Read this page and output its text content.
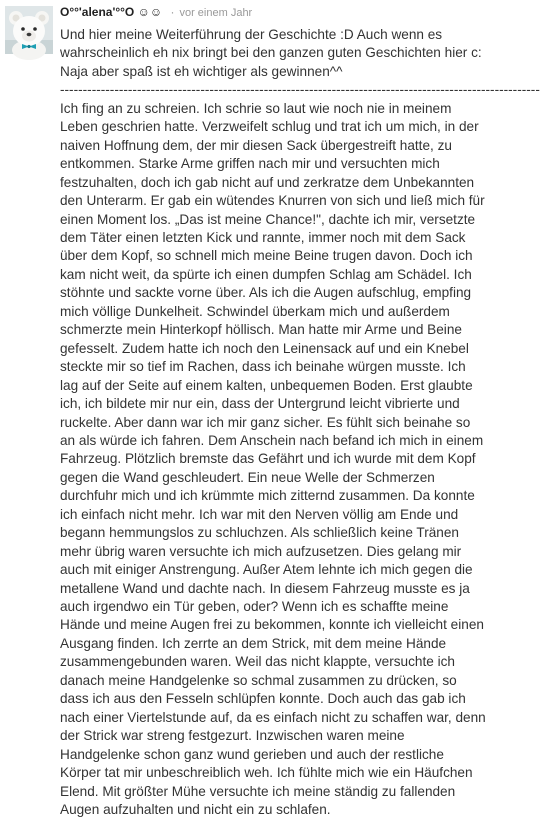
O°°'alena'°°O ☺☺ · vor einem Jahr

Und hier meine Weiterführung der Geschichte :D Auch wenn es wahrscheinlich eh nix bringt bei den ganzen guten Geschichten hier c:

Naja aber spaß ist eh wichtiger als gewinnen^^

----------------------------------------------------------------------------------------------------------

Ich fing an zu schreien. Ich schrie so laut wie noch nie in meinem Leben geschrien hatte. Verzweifelt schlug und trat ich um mich, in der naiven Hoffnung dem, der mir diesen Sack übergestreift hatte, zu entkommen. Starke Arme griffen nach mir und versuchten mich festzuhalten, doch ich gab nicht auf und zerkratze dem Unbekannten den Unterarm. Er gab ein wütendes Knurren von sich und ließ mich für einen Moment los. „Das ist meine Chance!", dachte ich mir, versetzte dem Täter einen letzten Kick und rannte, immer noch mit dem Sack über dem Kopf, so schnell mich meine Beine trugen davon. Doch ich kam nicht weit, da spürte ich einen dumpfen Schlag am Schädel. Ich stöhnte und sackte vorne über. Als ich die Augen aufschlug, empfing mich völlige Dunkelheit. Schwindel überkam mich und außerdem schmerzte mein Hinterkopf höllisch. Man hatte mir Arme und Beine gefesselt. Zudem hatte ich noch den Leinensack auf und ein Knebel steckte mir so tief im Rachen, dass ich beinahe würgen musste. Ich lag auf der Seite auf einem kalten, unbequemen Boden. Erst glaubte ich, ich bildete mir nur ein, dass der Untergrund leicht vibrierte und ruckelte. Aber dann war ich mir ganz sicher. Es fühlt sich beinahe so an als würde ich fahren. Dem Anschein nach befand ich mich in einem Fahrzeug. Plötzlich bremste das Gefährt und ich wurde mit dem Kopf gegen die Wand geschleudert. Ein neue Welle der Schmerzen durchfuhr mich und ich krümmte mich zitternd zusammen. Da konnte ich einfach nicht mehr. Ich war mit den Nerven völlig am Ende und begann hemmungslos zu schluchzen. Als schließlich keine Tränen mehr übrig waren versuchte ich mich aufzusetzen. Dies gelang mir auch mit einiger Anstrengung. Außer Atem lehnte ich mich gegen die metallene Wand und dachte nach. In diesem Fahrzeug musste es ja auch irgendwo ein Tür geben, oder? Wenn ich es schaffte meine Hände und meine Augen frei zu bekommen, konnte ich vielleicht einen Ausgang finden. Ich zerrte an dem Strick, mit dem meine Hände zusammengebunden waren. Weil das nicht klappte, versuchte ich danach meine Handgelenke so schmal zusammen zu drücken, so dass ich aus den Fesseln schlüpfen konnte. Doch auch das gab ich nach einer Viertelstunde auf, da es einfach nicht zu schaffen war, denn der Strick war streng festgezurt. Inzwischen waren meine Handgelenke schon ganz wund gerieben und auch der restliche Körper tat mir unbeschreiblich weh. Ich fühlte mich wie ein Häufchen Elend. Mit größter Mühe versuchte ich meine ständig zu fallenden Augen aufzuhalten und nicht ein zu schlafen.
